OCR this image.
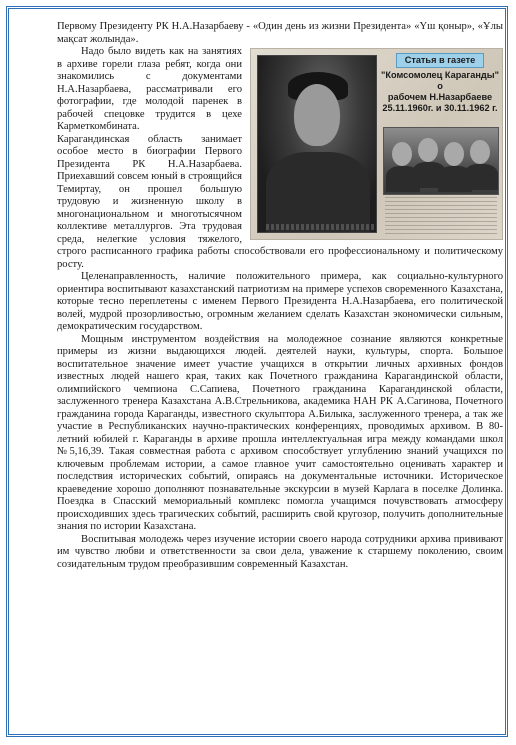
Первому Президенту РК Н.А.Назарбаеву - «Один день из жизни Президента» «Үш қоныр», «Ұлы мақсат жолында».

Статья в газете
"Комсомолец Караганды" о
рабочем Н.Назарбаеве
25.11.1960г. и 30.11.1962 г.

Надо было видеть как на занятиях в архиве горели глаза ребят, когда они знакомились с документами Н.А.Назарбаева, рассматривали его фотографии, где молодой паренек в рабочей спецовке трудится в цехе Карметкомбината.

Карагандинская область занимает особое место в биографии Первого Президента РК Н.А.Назарбаева. Приехавший совсем юный в строящийся Темиртау, он прошел большую трудовую и жизненную школу в многонациональном и многотысячном коллективе металлургов. Эта трудовая среда, нелегкие условия тяжелого, строго расписанного графика работы способствовали его профессиональному и политическому росту.

Целенаправленность, наличие положительного примера, как социально-культурного ориентира воспитывают казахстанский патриотизм на примере успехов своременного Казахстана, которые тесно переплетены с именем Первого Президента Н.А.Назарбаева, его политической волей, мудрой прозорливостью, огромным желанием сделать Казахстан экономически сильным, демократическим государством.

Мощным инструментом воздействия на молодежное сознание являются конкретные примеры из жизни выдающихся людей. деятелей науки, культуры, спорта. Большое воспитательное значение имеет участие учащихся в открытии личных архивных фондов известных людей нашего края, таких как Почетного гражданина Карагандинской области, олимпийского чемпиона С.Сапиева, Почетного гражданина Карагандинской области, заслуженного тренера Казахстана А.В.Стрельникова, академика НАН РК А.Сагинова, Почетного гражданина города Караганды, известного скульптора А.Билыка, заслуженного тренера, а так же участие в Республиканских научно-практических конференциях, проводимых архивом. В 80-летний юбилей г. Караганды в архиве прошла интеллектуальная игра между командами школ №5,16,39. Такая совместная работа с архивом способствует углублению знаний учащихся по ключевым проблемам истории, а самое главное учит самостоятельно оценивать характер и последствия исторических событий, опираясь на документальные источники. Историческое краеведение хорошо дополняют познавательные экскурсии в музей Карлага в поселке Долинка. Поездка в Спасский мемориальный комплекс помогла учащимся почувствовать атмосферу происходивших здесь трагических событий, расширить свой кругозор, получить дополнительные знания по истории Казахстана.

Воспитывая молодежь через изучение истории своего народа сотрудники архива прививают им чувство любви и ответственности за свои дела, уважение к старшему поколению, своим созидательным трудом преобразившим современный Казахстан.
